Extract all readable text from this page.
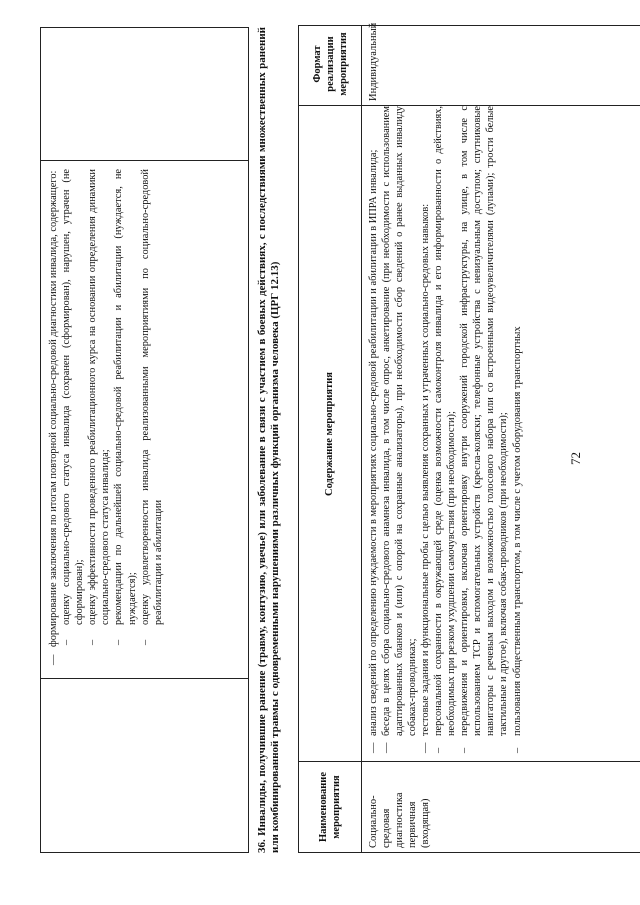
—
формирование заключения по итогам повторной социально-средовой диагностики инвалида, содержащего: –
оценку социально-средового статуса инвалида (сохранен (сформирован), нарушен, утрачен (не сформирован);
–
оценку эффективности проведенного реабилитационного курса на основании определения динамики социально-средового статуса инвалида;
–
рекомендации по дальнейшей социально-средовой реабилитации и абилитации (нуждается, не нуждается);
–
оценку удовлетворенности инвалида реализованными мероприятиями по социально-средовой реабилитации и абилитации
72
36. Инвалиды, получившие ранение (травму, контузию, увечье) или заболевание в связи с участием в боевых действиях, с последствиями множественных ранений или комбинированной травмы с одновременными нарушениями различных функций организма человека (ЦРГ 12.13)	Наименование мероприятия
Содержание мероприятия
Формат реализации мероприятия
Социально-средовая диагностика первичная (входящая)
Индивидуальный
—
анализ сведений по определению нуждаемости в мероприятиях социально-средовой реабилитации и абилитации в ИПРА инвалида;
—
беседа в целях сбора социально-средового анамнеза инвалида, в том числе опрос, анкетирование (при необходимости с использованием адаптированных бланков и (или) с опорой на сохранные анализаторы), при необходимости сбор сведений о ранее выданных инвалиду собаках-проводниках;
—
тестовые задания и функциональные пробы с целью выявления сохранных и утраченных социально-средовых навыков:
–
персональной сохранности в окружающей среде (оценка возможности самоконтроля инвалида и его информированности о действиях, необходимых при резком ухудшении самочувствия (при необходимости);
–
передвижения и ориентировки, включая ориентировку внутри сооружений городской инфраструктуры, на улице, в том числе с использованием ТСР и вспомогательных устройств (кресла-коляски; телефонные устройства с невизуальным доступом; спутниковые навигаторы с речевым выходом и возможностью голосового набора или со встроенными видеоувеличителями (лупами); трости белые тактильные и другое), включая собак-проводников (при необходимости);
–
пользования общественным транспортом, в том числе с учетом оборудования транспортных
